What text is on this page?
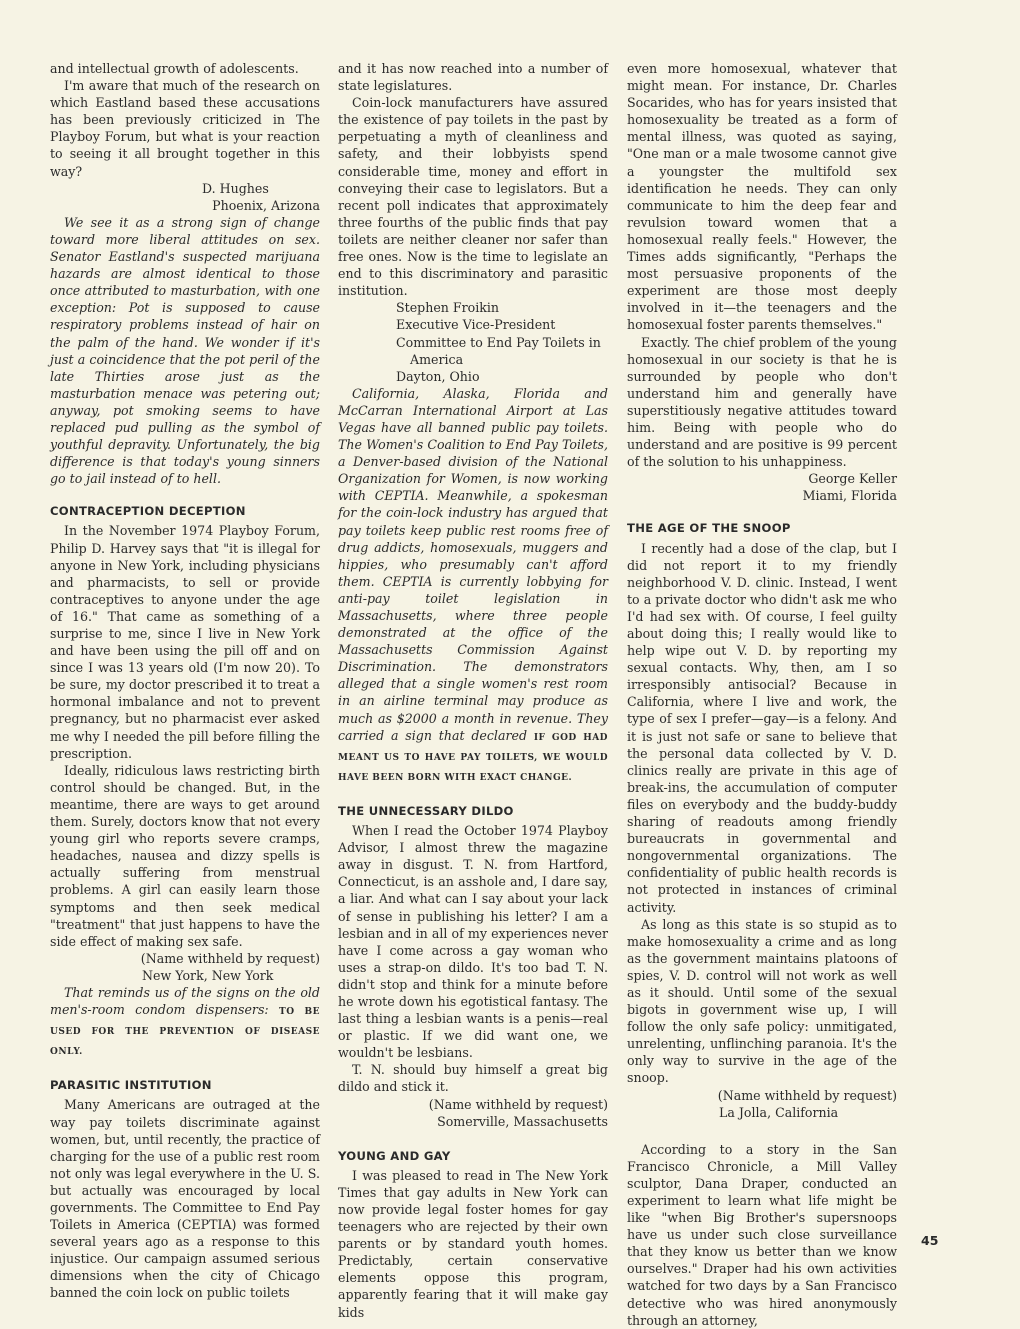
and intellectual growth of adolescents.

I'm aware that much of the research on which Eastland based these accusations has been previously criticized in The Playboy Forum, but what is your reaction to seeing it all brought together in this way?

D. Hughes

Phoenix, Arizona

We see it as a strong sign of change toward more liberal attitudes on sex. Senator Eastland's suspected marijuana hazards are almost identical to those once attributed to masturbation, with one exception: Pot is supposed to cause respiratory problems instead of hair on the palm of the hand. We wonder if it's just a coincidence that the pot peril of the late Thirties arose just as the masturbation menace was petering out; anyway, pot smoking seems to have replaced pud pulling as the symbol of youthful depravity. Unfortunately, the big difference is that today's young sinners go to jail instead of to hell.

CONTRACEPTION DECEPTION

In the November 1974 Playboy Forum, Philip D. Harvey says that "it is illegal for anyone in New York, including physicians and pharmacists, to sell or provide contraceptives to anyone under the age of 16." That came as something of a surprise to me, since I live in New York and have been using the pill off and on since I was 13 years old (I'm now 20). To be sure, my doctor prescribed it to treat a hormonal imbalance and not to prevent pregnancy, but no pharmacist ever asked me why I needed the pill before filling the prescription.

Ideally, ridiculous laws restricting birth control should be changed. But, in the meantime, there are ways to get around them. Surely, doctors know that not every young girl who reports severe cramps, headaches, nausea and dizzy spells is actually suffering from menstrual problems. A girl can easily learn those symptoms and then seek medical "treatment" that just happens to have the side effect of making sex safe.

(Name withheld by request)

New York, New York

That reminds us of the signs on the old men's-room condom dispensers: TO BE USED FOR THE PREVENTION OF DISEASE ONLY.

PARASITIC INSTITUTION

Many Americans are outraged at the way pay toilets discriminate against women, but, until recently, the practice of charging for the use of a public rest room not only was legal everywhere in the U. S. but actually was encouraged by local governments. The Committee to End Pay Toilets in America (CEPTIA) was formed several years ago as a response to this injustice. Our campaign assumed serious dimensions when the city of Chicago banned the coin lock on public toilets

and it has now reached into a number of state legislatures.

Coin-lock manufacturers have assured the existence of pay toilets in the past by perpetuating a myth of cleanliness and safety, and their lobbyists spend considerable time, money and effort in conveying their case to legislators. But a recent poll indicates that approximately three fourths of the public finds that pay toilets are neither cleaner nor safer than free ones. Now is the time to legislate an end to this discriminatory and parasitic institution.

Stephen Froikin

Executive Vice-President

Committee to End Pay Toilets in

America

Dayton, Ohio

California, Alaska, Florida and McCarran International Airport at Las Vegas have all banned public pay toilets. The Women's Coalition to End Pay Toilets, a Denver-based division of the National Organization for Women, is now working with CEPTIA. Meanwhile, a spokesman for the coin-lock industry has argued that pay toilets keep public rest rooms free of drug addicts, homosexuals, muggers and hippies, who presumably can't afford them. CEPTIA is currently lobbying for anti-pay toilet legislation in Massachusetts, where three people demonstrated at the office of the Massachusetts Commission Against Discrimination. The demonstrators alleged that a single women's rest room in an airline terminal may produce as much as $2000 a month in revenue. They carried a sign that declared IF GOD HAD MEANT US TO HAVE PAY TOILETS, WE WOULD HAVE BEEN BORN WITH EXACT CHANGE.

THE UNNECESSARY DILDO

When I read the October 1974 Playboy Advisor, I almost threw the magazine away in disgust. T. N. from Hartford, Connecticut, is an asshole and, I dare say, a liar. And what can I say about your lack of sense in publishing his letter? I am a lesbian and in all of my experiences never have I come across a gay woman who uses a strap-on dildo. It's too bad T. N. didn't stop and think for a minute before he wrote down his egotistical fantasy. The last thing a lesbian wants is a penis—real or plastic. If we did want one, we wouldn't be lesbians.

T. N. should buy himself a great big dildo and stick it.

(Name withheld by request)

Somerville, Massachusetts

YOUNG AND GAY

I was pleased to read in The New York Times that gay adults in New York can now provide legal foster homes for gay teenagers who are rejected by their own parents or by standard youth homes. Predictably, certain conservative elements oppose this program, apparently fearing that it will make gay kids

even more homosexual, whatever that might mean. For instance, Dr. Charles Socarides, who has for years insisted that homosexuality be treated as a form of mental illness, was quoted as saying, "One man or a male twosome cannot give a youngster the multifold sex identification he needs. They can only communicate to him the deep fear and revulsion toward women that a homosexual really feels." However, the Times adds significantly, "Perhaps the most persuasive proponents of the experiment are those most deeply involved in it—the teenagers and the homosexual foster parents themselves."

Exactly. The chief problem of the young homosexual in our society is that he is surrounded by people who don't understand him and generally have superstitiously negative attitudes toward him. Being with people who do understand and are positive is 99 percent of the solution to his unhappiness.

George Keller

Miami, Florida

THE AGE OF THE SNOOP

I recently had a dose of the clap, but I did not report it to my friendly neighborhood V. D. clinic. Instead, I went to a private doctor who didn't ask me who I'd had sex with. Of course, I feel guilty about doing this; I really would like to help wipe out V. D. by reporting my sexual contacts. Why, then, am I so irresponsibly antisocial? Because in California, where I live and work, the type of sex I prefer—gay—is a felony. And it is just not safe or sane to believe that the personal data collected by V. D. clinics really are private in this age of break-ins, the accumulation of computer files on everybody and the buddy-buddy sharing of readouts among friendly bureaucrats in governmental and nongovernmental organizations. The confidentiality of public health records is not protected in instances of criminal activity.

As long as this state is so stupid as to make homosexuality a crime and as long as the government maintains platoons of spies, V. D. control will not work as well as it should. Until some of the sexual bigots in government wise up, I will follow the only safe policy: unmitigated, unrelenting, unflinching paranoia. It's the only way to survive in the age of the snoop.

(Name withheld by request)

La Jolla, California

According to a story in the San Francisco Chronicle, a Mill Valley sculptor, Dana Draper, conducted an experiment to learn what life might be like "when Big Brother's supersnoops have us under such close surveillance that they know us better than we know ourselves." Draper had his own activities watched for two days by a San Francisco detective who was hired anonymously through an attorney,

45
